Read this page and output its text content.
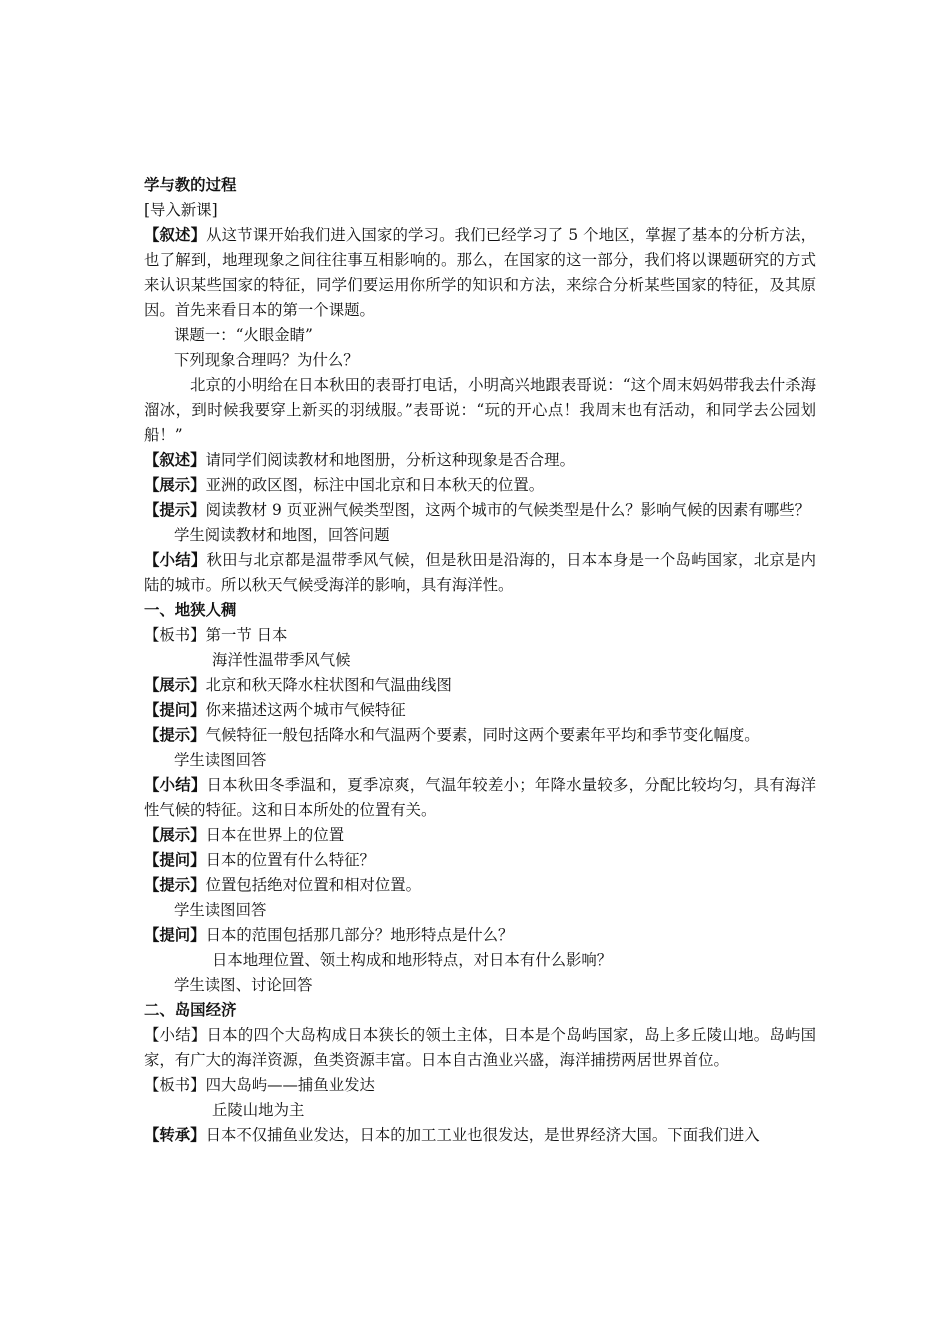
学与教的过程
[导入新课]
【叙述】从这节课开始我们进入国家的学习。我们已经学习了 5 个地区，掌握了基本的分析方法，也了解到，地理现象之间往往事互相影响的。那么，在国家的这一部分，我们将以课题研究的方式来认识某些国家的特征，同学们要运用你所学的知识和方法，来综合分析某些国家的特征，及其原因。首先来看日本的第一个课题。
课题一：“火眼金睛”
下列现象合理吗？为什么？
北京的小明给在日本秋田的表哥打电话，小明高兴地跟表哥说：“这个周末妈妈带我去什杀海溜冰，到时候我要穿上新买的羽绒服。”表哥说：“玩的开心点！我周末也有活动，和同学去公园划船！”
【叙述】请同学们阅读教材和地图册，分析这种现象是否合理。
【展示】亚洲的政区图，标注中国北京和日本秋天的位置。
【提示】阅读教材 9 页亚洲气候类型图，这两个城市的气候类型是什么？影响气候的因素有哪些？
学生阅读教材和地图，回答问题
【小结】秋田与北京都是温带季风气候，但是秋田是沿海的，日本本身是一个岛屿国家，北京是内陆的城市。所以秋天气候受海洋的影响，具有海洋性。
一、地狭人稠
【板书】第一节 日本
海洋性温带季风气候
【展示】北京和秋天降水柱状图和气温曲线图
【提问】你来描述这两个城市气候特征
【提示】气候特征一般包括降水和气温两个要素，同时这两个要素年平均和季节变化幅度。
学生读图回答
【小结】日本秋田冬季温和，夏季凉爽，气温年较差小；年降水量较多，分配比较均匀，具有海洋性气候的特征。这和日本所处的位置有关。
【展示】日本在世界上的位置
【提问】日本的位置有什么特征？
【提示】位置包括绝对位置和相对位置。
学生读图回答
【提问】日本的范围包括那几部分？地形特点是什么？
日本地理位置、领土构成和地形特点，对日本有什么影响？
学生读图、讨论回答
二、岛国经济
【小结】日本的四个大岛构成日本狭长的领土主体，日本是个岛屿国家，岛上多丘陵山地。岛屿国家，有广大的海洋资源，鱼类资源丰富。日本自古渔业兴盛，海洋捕捞两居世界首位。
【板书】四大岛屿——捕鱼业发达
丘陵山地为主
【转承】日本不仅捕鱼业发达，日本的加工工业也很发达，是世界经济大国。下面我们进入
